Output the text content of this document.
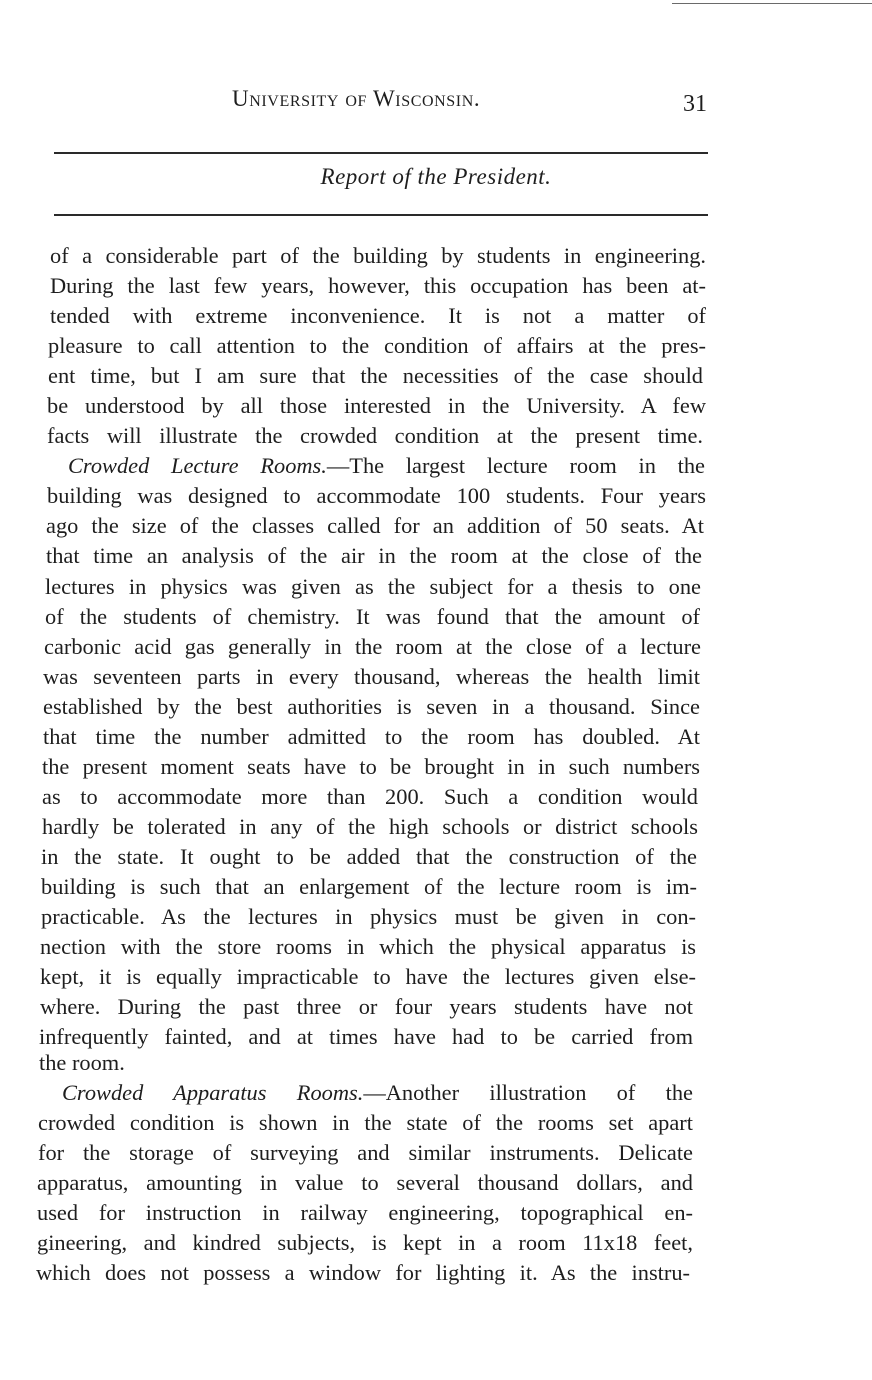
University of Wisconsin.	31
Report of the President.
of a considerable part of the building by students in engineering.
During the last few years, however, this occupation has been at-
tended with extreme inconvenience. It is not a matter of
pleasure to call attention to the condition of affairs at the pres-
ent time, but I am sure that the necessities of the case should
be understood by all those interested in the University. A few
facts will illustrate the crowded condition at the present time.
Crowded Lecture Rooms.—The largest lecture room in the
building was designed to accommodate 100 students. Four years
ago the size of the classes called for an addition of 50 seats. At
that time an analysis of the air in the room at the close of the
lectures in physics was given as the subject for a thesis to one
of the students of chemistry. It was found that the amount of
carbonic acid gas generally in the room at the close of a lecture
was seventeen parts in every thousand, whereas the health limit
established by the best authorities is seven in a thousand. Since
that time the number admitted to the room has doubled. At
the present moment seats have to be brought in in such numbers
as to accommodate more than 200. Such a condition would
hardly be tolerated in any of the high schools or district schools
in the state. It ought to be added that the construction of the
building is such that an enlargement of the lecture room is im-
practicable. As the lectures in physics must be given in con-
nection with the store rooms in which the physical apparatus is
kept, it is equally impracticable to have the lectures given else-
where. During the past three or four years students have not
infrequently fainted, and at times have had to be carried from
the room.
Crowded Apparatus Rooms.—Another illustration of the
crowded condition is shown in the state of the rooms set apart
for the storage of surveying and similar instruments. Delicate
apparatus, amounting in value to several thousand dollars, and
used for instruction in railway engineering, topographical en-
gineering, and kindred subjects, is kept in a room 11x18 feet,
which does not possess a window for lighting it. As the instru-
